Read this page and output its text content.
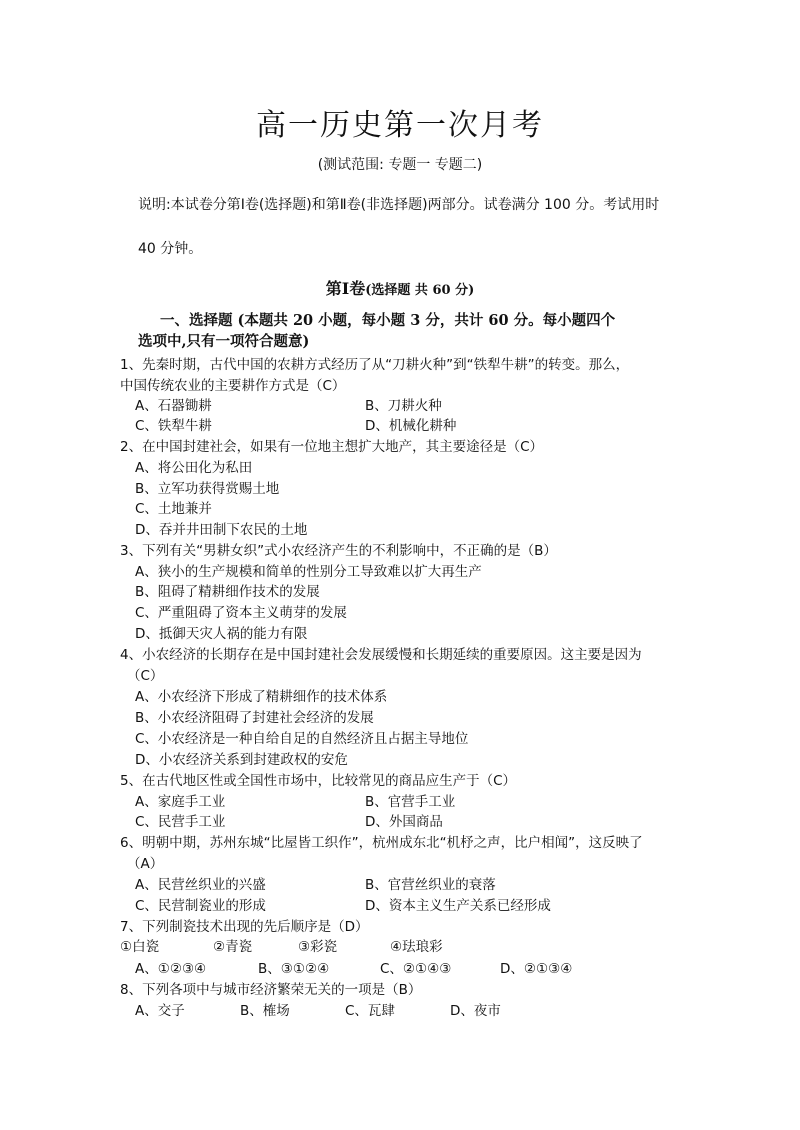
高一历史第一次月考
(测试范围: 专题一 专题二)
说明:本试卷分第Ⅰ卷(选择题)和第Ⅱ卷(非选择题)两部分。试卷满分 100 分。考试用时
40 分钟。
第Ⅰ卷(选择题 共 60 分)
一、选择题 (本题共 20 小题，每小题 3 分，共计 60 分。每小题四个
选项中,只有一项符合题意)
1、先秦时期，古代中国的农耕方式经历了从“刀耕火种”到“铁犁牛耕”的转变。那么，
中国传统农业的主要耕作方式是（C）
A、石器锄耕	B、刀耕火种
C、铁犁牛耕	D、机械化耕种
2、在中国封建社会，如果有一位地主想扩大地产，其主要途径是（C）
A、将公田化为私田
B、立军功获得赏赐土地
C、土地兼并
D、吞并井田制下农民的土地
3、下列有关“男耕女织”式小农经济产生的不利影响中，不正确的是（B）
A、狭小的生产规模和简单的性别分工导致难以扩大再生产
B、阻碍了精耕细作技术的发展
C、严重阻碍了资本主义萌芽的发展
D、抵御天灾人祸的能力有限
4、小农经济的长期存在是中国封建社会发展缓慢和长期延续的重要原因。这主要是因为
（C）
A、小农经济下形成了精耕细作的技术体系
B、小农经济阻碍了封建社会经济的发展
C、小农经济是一种自给自足的自然经济且占据主导地位
D、小农经济关系到封建政权的安危
5、在古代地区性或全国性市场中，比较常见的商品应生产于（C）
A、家庭手工业	B、官营手工业
C、民营手工业	D、外国商品
6、明朝中期，苏州东城“比屋皆工织作”，杭州成东北“机杼之声，比户相闻”，这反映了
（A）
A、民营丝织业的兴盛	B、官营丝织业的衰落
C、民营制瓷业的形成	D、资本主义生产关系已经形成
7、下列制瓷技术出现的先后顺序是（D）
①白瓷	②青瓷	③彩瓷	④珐琅彩
A、①②③④	B、③①②④	C、②①④③	D、②①③④
8、下列各项中与城市经济繁荣无关的一项是（B）
A、交子	B、榷场	C、瓦肆	D、夜市
